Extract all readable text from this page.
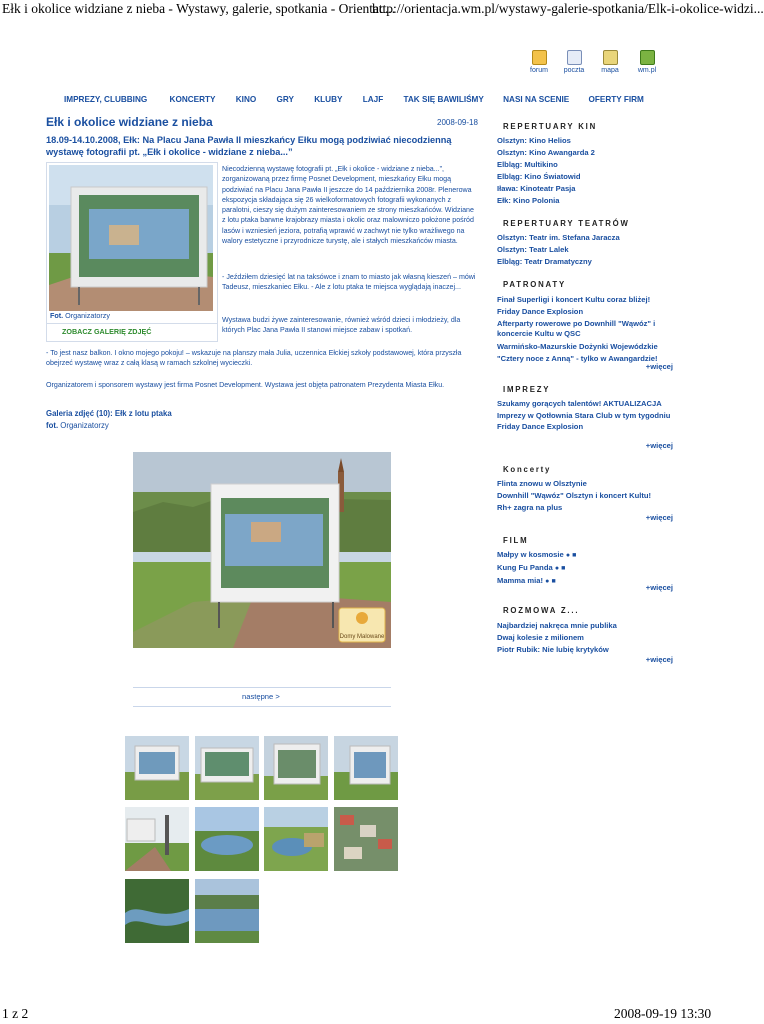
Ełk i okolice widziane z nieba - Wystawy, galerie, spotkania - Orientac...
http://orientacja.wm.pl/wystawy-galerie-spotkania/Elk-i-okolice-widzi...
forum	poczta	mapa	wm.pl
IMPREZY, CLUBBING	KONCERTY KINO GRY KLUBY LAJF TAK SIĘ BAWILIŚMY NASI NA SCENIE OFERTY FIRM
Ełk i okolice widziane z nieba	2008-09-18
18.09-14.10.2008, Ełk: Na Placu Jana Pawła II mieszkańcy Ełku mogą podziwiać niecodzienną wystawę fotografii pt. „Ełk i okolice - widziane z nieba...”
Fot. Organizatorzy
ZOBACZ GALERIĘ ZDJĘĆ
Niecodzienną wystawę fotografii pt. „Ełk i okolice - widziane z nieba...”, zorganizowaną przez firmę Posnet Development, mieszkańcy Ełku mogą podziwiać na Placu Jana Pawła II jeszcze do 14 października 2008r. Plenerowa ekspozycja składająca się 26 wielkoformatowych fotografii wykonanych z paralotni, cieszy się dużym zainteresowaniem ze strony mieszkańców. Widziane z lotu ptaka barwne krajobrazy miasta i okolic oraz malowniczo położone pośród lasów i wzniesień jeziora, potrafią wprawić w zachwyt nie tylko wrażliwego na walory estetyczne i przyrodnicze turystę, ale i stałych mieszkańców miasta.
- Jeździłem dziesięć lat na taksówce i znam to miasto jak własną kieszeń – mówi Tadeusz, mieszkaniec Ełku. - Ale z lotu ptaka te miejsca wyglądają inaczej...
Wystawa budzi żywe zainteresowanie, również wśród dzieci i młodzieży, dla których Plac Jana Pawła II stanowi miejsce zabaw i spotkań.
- To jest nasz balkon. I okno mojego pokoju! – wskazuje na planszy mała Julia, uczennica Ełckiej szkoły podstawowej, która przyszła obejrzeć wystawę wraz z całą klasą w ramach szkolnej wycieczki.
Organizatorem i sponsorem wystawy jest firma Posnet Development. Wystawa jest objęta patronatem Prezydenta Miasta Ełku.
Galeria zdjęć (10): Ełk z lotu ptaka
fot. Organizatorzy
Domy Malowane
następne >
REPERTUARY KIN
Olsztyn: Kino Helios
Olsztyn: Kino Awangarda 2
Elbląg: Multikino
Elbląg: Kino Światowid
Iława: Kinoteatr Pasja
Ełk: Kino Polonia
REPERTUARY TEATRÓW
Olsztyn: Teatr im. Stefana Jaracza
Olsztyn: Teatr Lalek
Elbląg: Teatr Dramatyczny
PATRONATY
Finał Superligi i koncert Kultu coraz bliżej!
Friday Dance Explosion
Afterparty rowerowe po Downhill "Wąwóz" i koncercie Kultu w QSC
Warmińsko-Mazurskie Dożynki Wojewódzkie
"Cztery noce z Anną" - tylko w Awangardzie!
+więcej
IMPREZY
Szukamy gorących talentów! AKTUALIZACJA
Imprezy w Qotłownia Stara Club w tym tygodniu
Friday Dance Explosion
+więcej
Koncerty
Flinta znowu w Olsztynie
Downhill "Wąwóz" Olsztyn i koncert Kultu!
Rh+ zagra na plus
+więcej
FILM
Małpy w kosmosie ● ■
Kung Fu Panda ● ■
Mamma mia! ● ■
+więcej
ROZMOWA Z...
Najbardziej nakręca mnie publika
Dwaj kolesie z milionem
Piotr Rubik: Nie lubię krytyków
+więcej
1 z 2	2008-09-19 13:30
